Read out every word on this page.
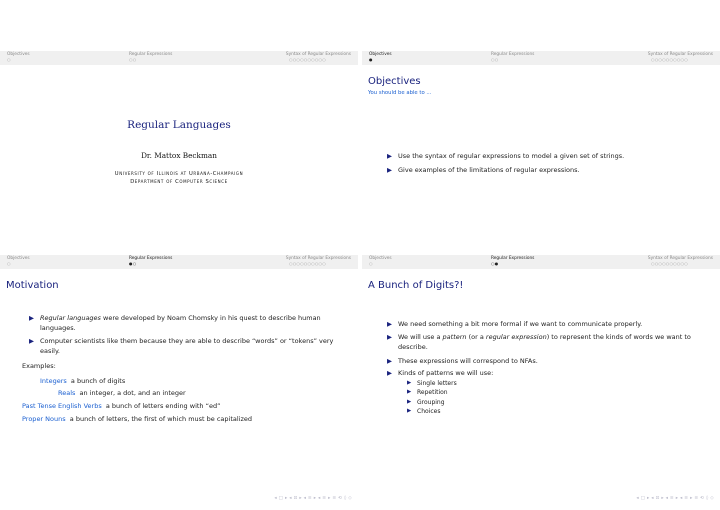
Objectives
○
Regular Expressions
○○
Syntax of Regular Expressions
○○○○○○○○○○
Regular Languages
Dr. Mattox Beckman
University of Illinois at Urbana-Champaign
Department of Computer Science
Objectives
●
Regular Expressions
○○
Syntax of Regular Expressions
○○○○○○○○○○
Objectives
You should be able to ...
▶ Use the syntax of regular expressions to model a given set of strings.
▶ Give examples of the limitations of regular expressions.
Objectives
○
Regular Expressions
●○
Syntax of Regular Expressions
○○○○○○○○○○
Motivation
▶ Regular languages were developed by Noam Chomsky in his quest to describe human
languages.
▶ Computer scientists like them because they are able to describe “words” or “tokens” very
easily.
Examples:
Integers a bunch of digits
Reals an integer, a dot, and an integer
Past Tense English Verbs a bunch of letters ending with “ed”
Proper Nouns a bunch of letters, the first of which must be capitalized
◂ □ ▸ ◂ ⊡ ▸ ◂ ≡ ▸ ◂ ≡ ▸ ≡ ⟲ ◊ ◇
Objectives
○
Regular Expressions
○●
Syntax of Regular Expressions
○○○○○○○○○○
A Bunch of Digits?!
▶ We need something a bit more formal if we want to communicate properly.
▶ We will use a pattern (or a regular expression) to represent the kinds of words we want to
describe.
▶ These expressions will correspond to NFAs.
▶ Kinds of patterns we will use:
▶ Single letters
▶ Repetition
▶ Grouping
▶ Choices
◂ □ ▸ ◂ ⊡ ▸ ◂ ≡ ▸ ◂ ≡ ▸ ≡ ⟲ ◊ ◇
